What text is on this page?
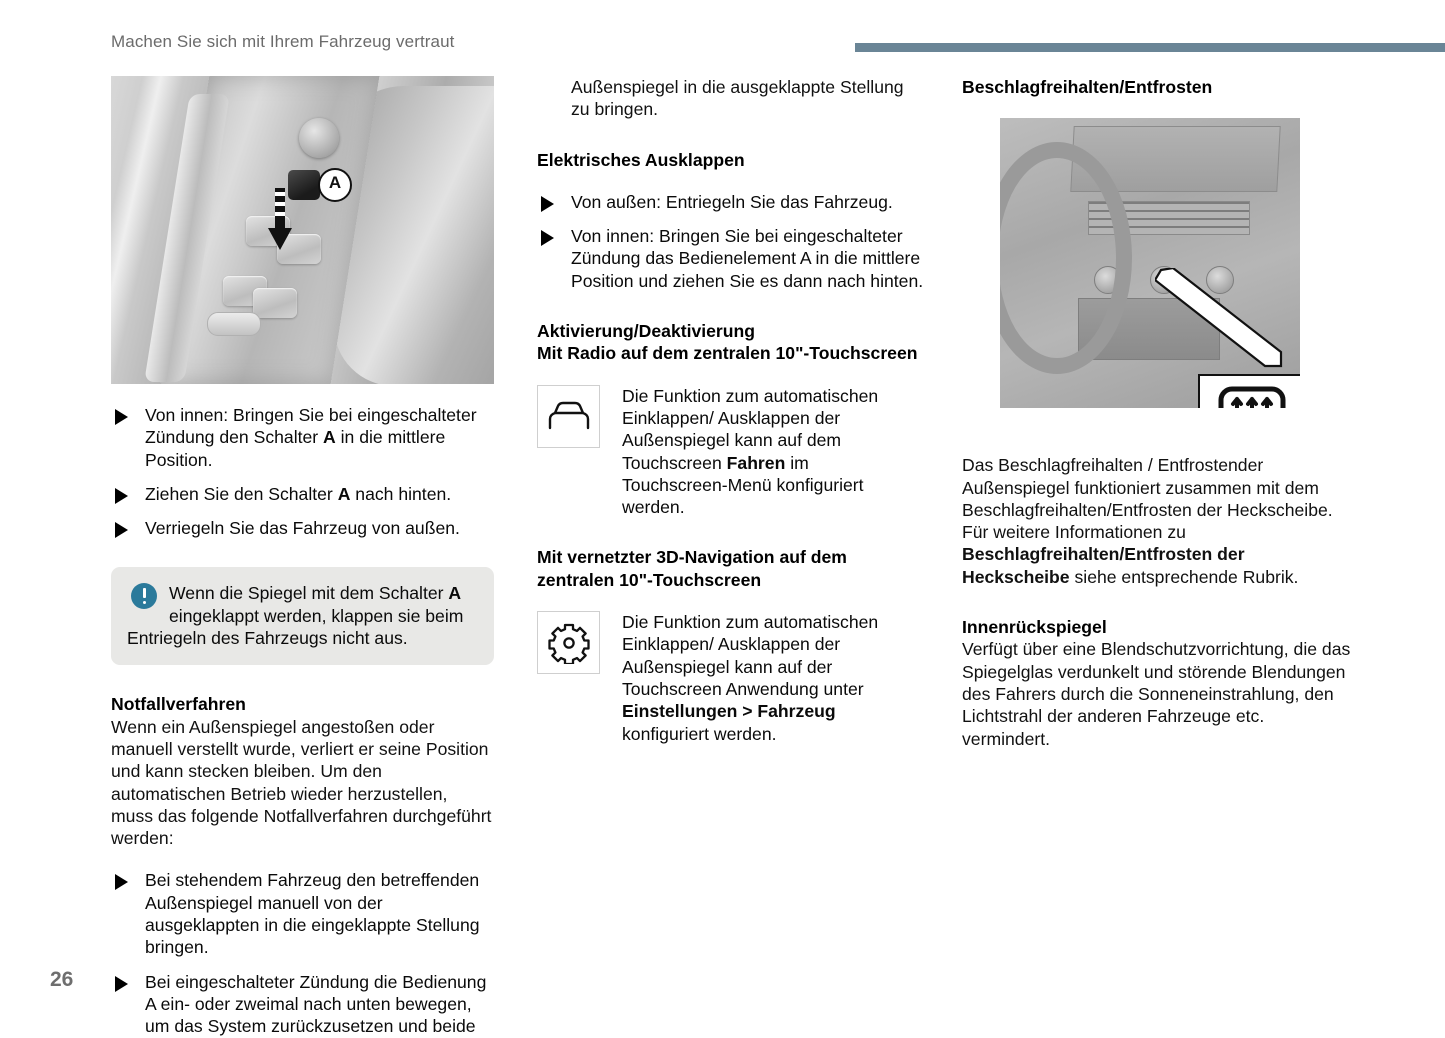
Machen Sie sich mit Ihrem Fahrzeug vertraut
A
Von innen: Bringen Sie bei eingeschalteter Zündung den Schalter A in die mittlere Position.
Ziehen Sie den Schalter A nach hinten.
Verriegeln Sie das Fahrzeug von außen.
Wenn die Spiegel mit dem Schalter A eingeklappt werden, klappen sie beim Entriegeln des Fahrzeugs nicht aus.
Notfallverfahren

Wenn ein Außenspiegel angestoßen oder manuell verstellt wurde, verliert er seine Position und kann stecken bleiben. Um den automatischen Betrieb wieder herzustellen, muss das folgende Notfallverfahren durchgeführt werden:

Bei stehendem Fahrzeug den betreffenden Außenspiegel manuell von der ausgeklappten in die eingeklappte Stellung bringen.
Bei eingeschalteter Zündung die Bedienung A ein- oder zweimal nach unten bewegen, um das System zurückzusetzen und beide

Außenspiegel in die ausgeklappte Stellung zu bringen.

Elektrisches Ausklappen
Von außen: Entriegeln Sie das Fahrzeug.
Von innen: Bringen Sie bei eingeschalteter Zündung das Bedienelement A in die mittlere Position und ziehen Sie es dann nach hinten.
Aktivierung/Deaktivierung
Mit Radio auf dem zentralen 10"-Touchscreen
Die Funktion zum automatischen Einklappen/ Ausklappen der Außenspiegel kann auf dem Touchscreen Fahren im Touchscreen-Menü konfiguriert werden.
Mit vernetzter 3D-Navigation auf dem
zentralen 10"-Touchscreen
Die Funktion zum automatischen Einklappen/ Ausklappen der Außenspiegel kann auf der Touchscreen Anwendung unter Einstellungen > Fahrzeug konfiguriert werden.
Beschlagfreihalten/Entfrosten

Das Beschlagfreihalten / Entfrostender Außenspiegel funktioniert zusammen mit dem Beschlagfreihalten/Entfrosten der Heckscheibe. Für weitere Informationen zu Beschlagfreihalten/Entfrosten der Heckscheibe siehe entsprechende Rubrik.

Innenrückspiegel

Verfügt über eine Blendschutzvorrichtung, die das Spiegelglas verdunkelt und störende Blendungen des Fahrers durch die Sonneneinstrahlung, den Lichtstrahl der anderen Fahrzeuge etc. vermindert.

26
